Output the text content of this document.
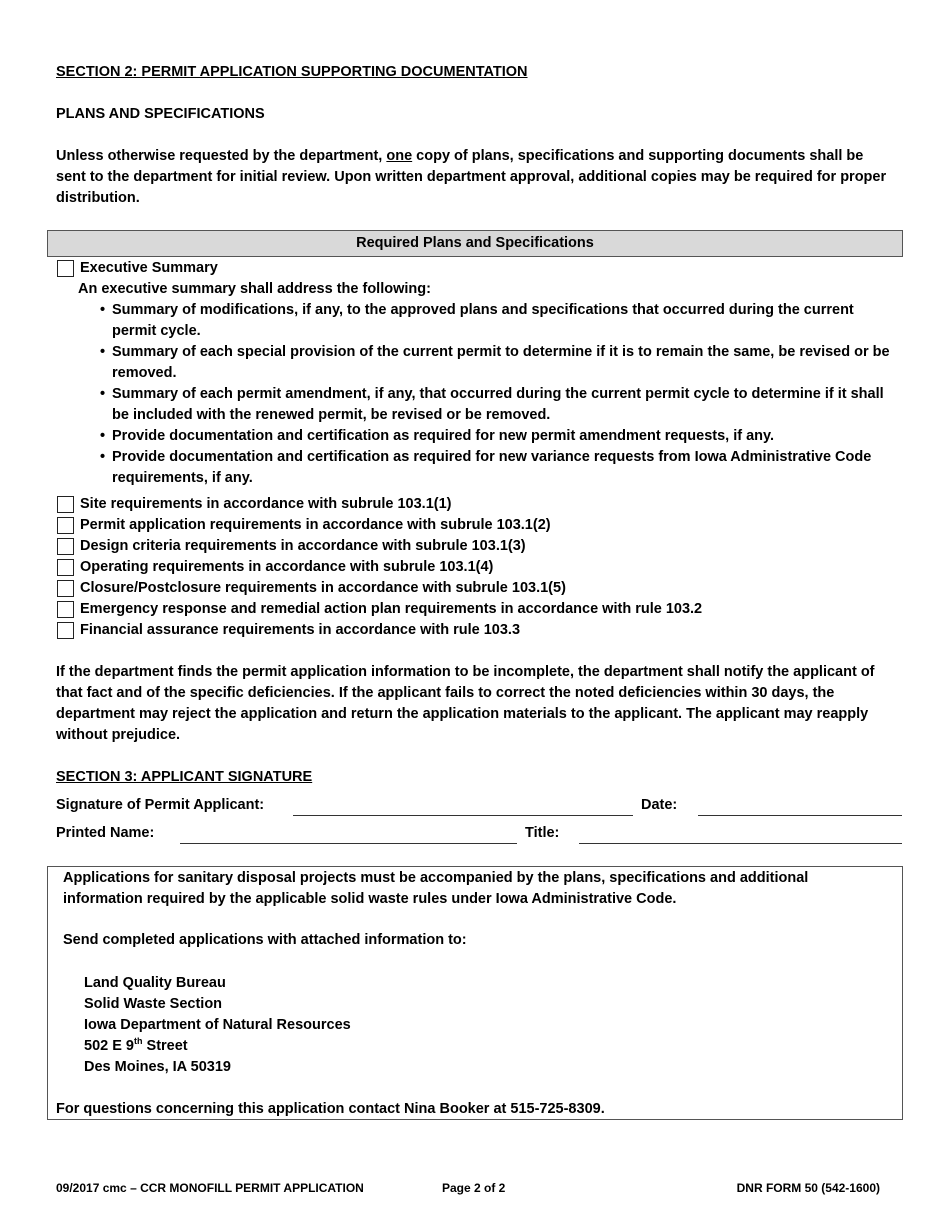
SECTION 2: PERMIT APPLICATION SUPPORTING DOCUMENTATION
PLANS AND SPECIFICATIONS
Unless otherwise requested by the department, one copy of plans, specifications and supporting documents shall be sent to the department for initial review. Upon written department approval, additional copies may be required for proper distribution.
Required Plans and Specifications
Executive Summary
An executive summary shall address the following:
• Summary of modifications, if any, to the approved plans and specifications that occurred during the current permit cycle.
• Summary of each special provision of the current permit to determine if it is to remain the same, be revised or be removed.
• Summary of each permit amendment, if any, that occurred during the current permit cycle to determine if it shall be included with the renewed permit, be revised or be removed.
• Provide documentation and certification as required for new permit amendment requests, if any.
• Provide documentation and certification as required for new variance requests from Iowa Administrative Code requirements, if any.
Site requirements in accordance with subrule 103.1(1)
Permit application requirements in accordance with subrule 103.1(2)
Design criteria requirements in accordance with subrule 103.1(3)
Operating requirements in accordance with subrule 103.1(4)
Closure/Postclosure requirements in accordance with subrule 103.1(5)
Emergency response and remedial action plan requirements in accordance with rule 103.2
Financial assurance requirements in accordance with rule 103.3
If the department finds the permit application information to be incomplete, the department shall notify the applicant of that fact and of the specific deficiencies. If the applicant fails to correct the noted deficiencies within 30 days, the department may reject the application and return the application materials to the applicant. The applicant may reapply without prejudice.
SECTION 3: APPLICANT SIGNATURE
Signature of Permit Applicant:	Date:
Printed Name:	Title:
Applications for sanitary disposal projects must be accompanied by the plans, specifications and additional information required by the applicable solid waste rules under Iowa Administrative Code.
Send completed applications with attached information to:
Land Quality Bureau
Solid Waste Section
Iowa Department of Natural Resources
502 E 9th Street
Des Moines, IA 50319
For questions concerning this application contact Nina Booker at 515-725-8309.
09/2017 cmc – CCR MONOFILL PERMIT APPLICATION	Page 2 of 2	DNR FORM 50 (542-1600)
